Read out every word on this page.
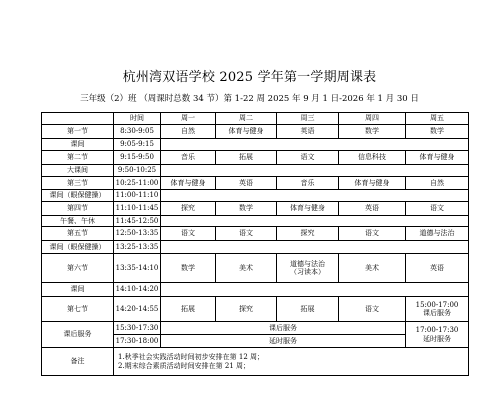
杭州湾双语学校 2025 学年第一学期周课表
三年级（2）班 （周课时总数 34 节）第 1-22 周 2025 年 9 月 1 日-2026 年 1 月 30 日
	时间	周一	周二	周三	周四	周五
第一节	8:30-9:05	自然	体育与健身	英语	数学	数学
课间	9:05-9:15					
第二节	9:15-9:50	音乐	拓展	语文	信息科技	体育与健身
大课间	9:50-10:25					
第三节	10:25-11:00	体育与健身	英语	音乐	体育与健身	自然
课间（眼保健操）	11:00-11:10					
第四节	11:10-11:45	探究	数学	体育与健身	英语	语文
午餐、午休	11:45-12:50					
第五节	12:50-13:35	语文	语文	探究	语文	道德与法治
课间（眼保健操）	13:25-13:35					
第六节	13:35-14:10	数学	美术	道德与法治（习读本）	美术	英语
课间	14:10-14:20					
第七节	14:20-14:55	拓展	探究	拓展	语文	15:00-17:00 课后服务
课后服务	15:30-17:30	课后服务				17:00-17:30 延时服务
	17:30-18:00	延时服务				
备注	1.秋季社会实践活动时间初步安排在第 12 周；
2.期末综合素质活动时间安排在第 21 周；					
